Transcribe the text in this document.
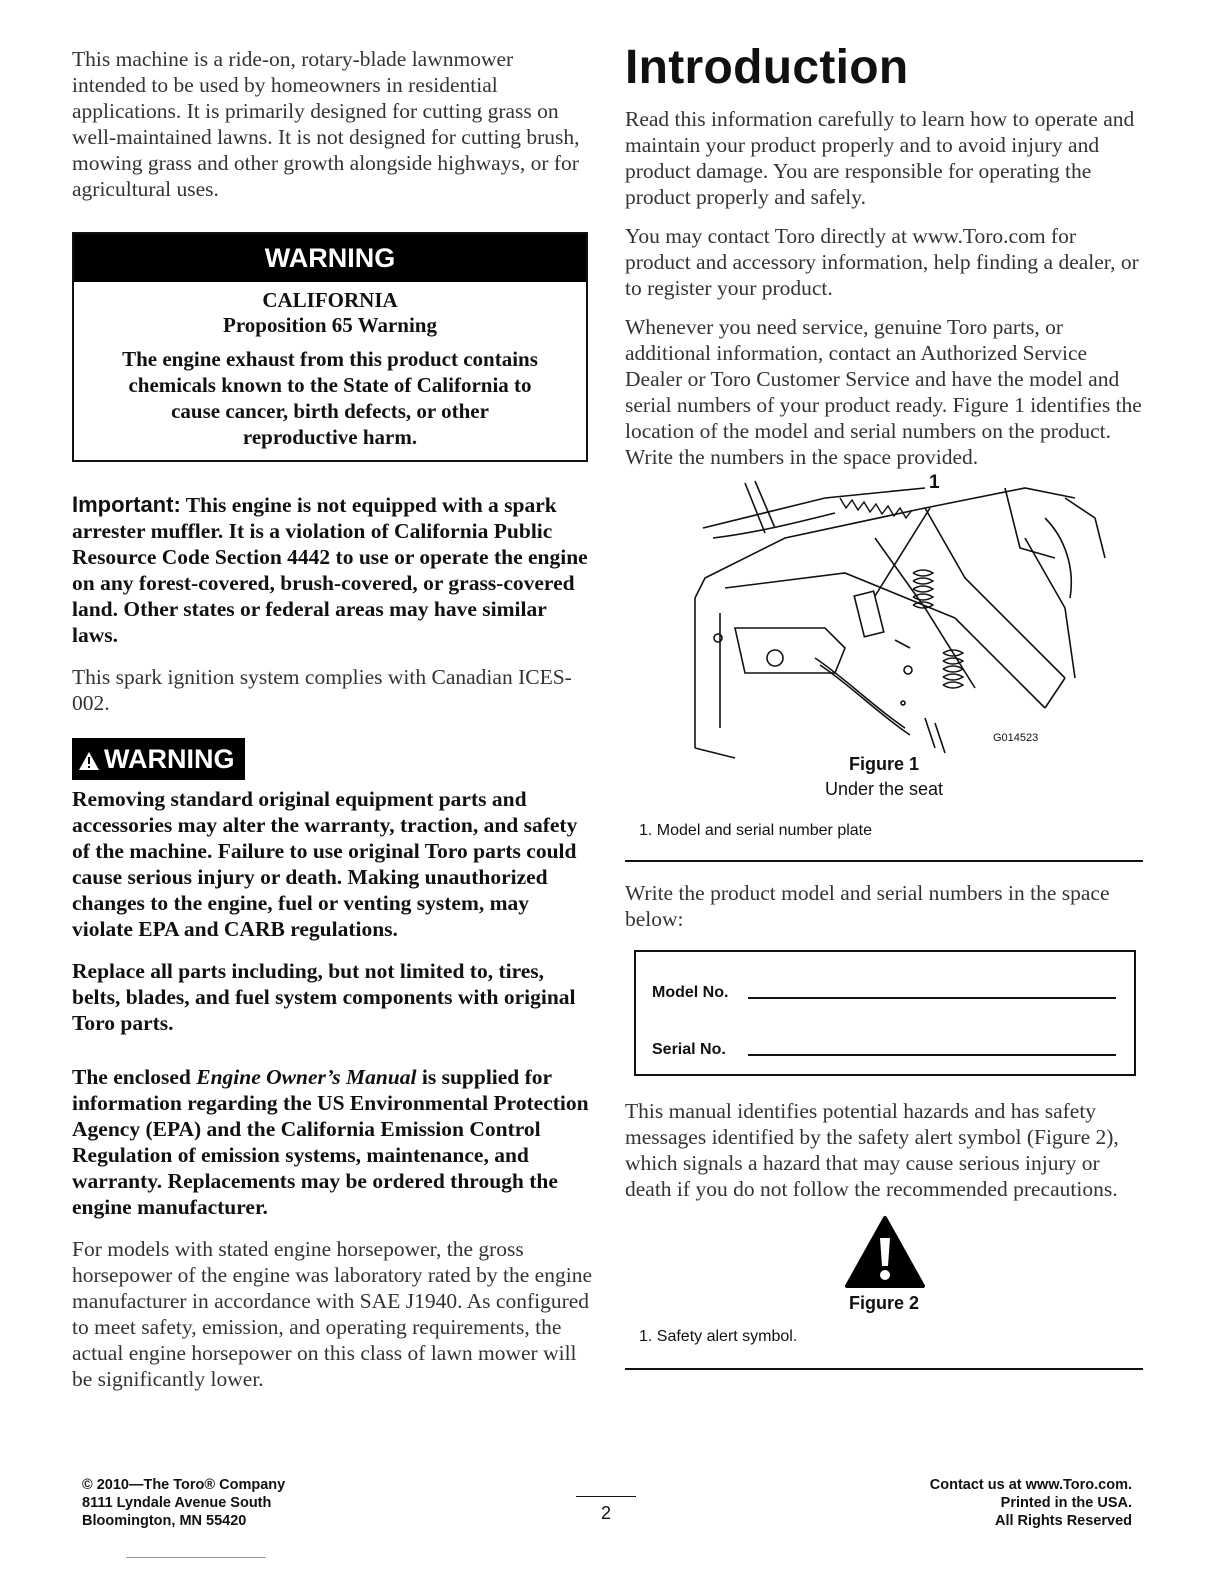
This machine is a ride-on, rotary-blade lawnmower intended to be used by homeowners in residential applications. It is primarily designed for cutting grass on well-maintained lawns. It is not designed for cutting brush, mowing grass and other growth alongside highways, or for agricultural uses.

WARNING
CALIFORNIA
Proposition 65 Warning
The engine exhaust from this product contains chemicals known to the State of California to cause cancer, birth defects, or other reproductive harm.

Important: This engine is not equipped with a spark arrester muffler. It is a violation of California Public Resource Code Section 4442 to use or operate the engine on any forest-covered, brush-covered, or grass-covered land. Other states or federal areas may have similar laws.

This spark ignition system complies with Canadian ICES-002.

WARNING

Removing standard original equipment parts and accessories may alter the warranty, traction, and safety of the machine. Failure to use original Toro parts could cause serious injury or death. Making unauthorized changes to the engine, fuel or venting system, may violate EPA and CARB regulations.

Replace all parts including, but not limited to, tires, belts, blades, and fuel system components with original Toro parts.

The enclosed Engine Owner’s Manual is supplied for information regarding the US Environmental Protection Agency (EPA) and the California Emission Control Regulation of emission systems, maintenance, and warranty. Replacements may be ordered through the engine manufacturer.

For models with stated engine horsepower, the gross horsepower of the engine was laboratory rated by the engine manufacturer in accordance with SAE J1940. As configured to meet safety, emission, and operating requirements, the actual engine horsepower on this class of lawn mower will be significantly lower.

Introduction

Read this information carefully to learn how to operate and maintain your product properly and to avoid injury and product damage. You are responsible for operating the product properly and safely.

You may contact Toro directly at www.Toro.com for product and accessory information, help finding a dealer, or to register your product.

Whenever you need service, genuine Toro parts, or additional information, contact an Authorized Service Dealer or Toro Customer Service and have the model and serial numbers of your product ready. Figure 1 identifies the location of the model and serial numbers on the product. Write the numbers in the space provided.

1
G014523
Figure 1
Under the seat
1. Model and serial number plate

Write the product model and serial numbers in the space below:

Model No.
Serial No.

This manual identifies potential hazards and has safety messages identified by the safety alert symbol (Figure 2), which signals a hazard that may cause serious injury or death if you do not follow the recommended precautions.

Figure 2
1. Safety alert symbol.
© 2010—The Toro® Company
8111 Lyndale Avenue South
Bloomington, MN 55420	2
Contact us at www.Toro.com.
Printed in the USA.
All Rights Reserved
